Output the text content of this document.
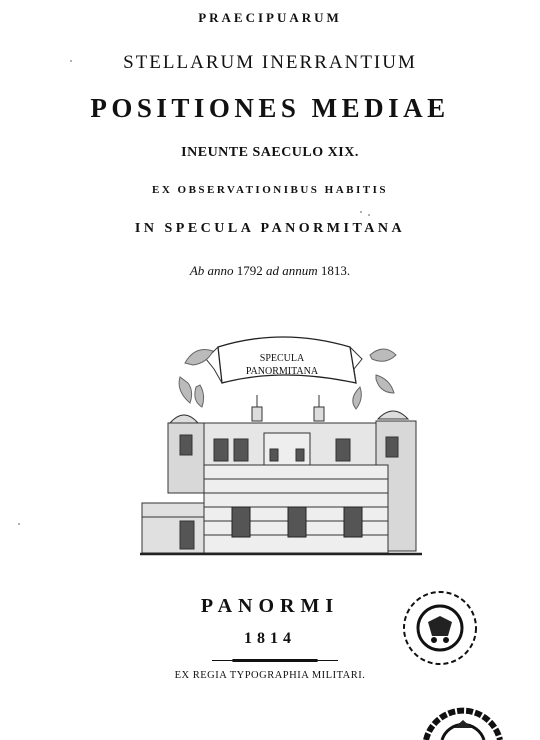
PRAECIPUARUM
STELLARUM INERRANTIUM
POSITIONES MEDIAE
INEUNTE SAECULO XIX.
EX OBSERVATIONIBUS HABITIS
IN SPECULA PANORMITANA
Ab anno 1792 ad annum 1813.
SPECULA
PANORMITANA
PANORMI
1814
EX REGIA TYPOGRAPHIA MILITARI.
